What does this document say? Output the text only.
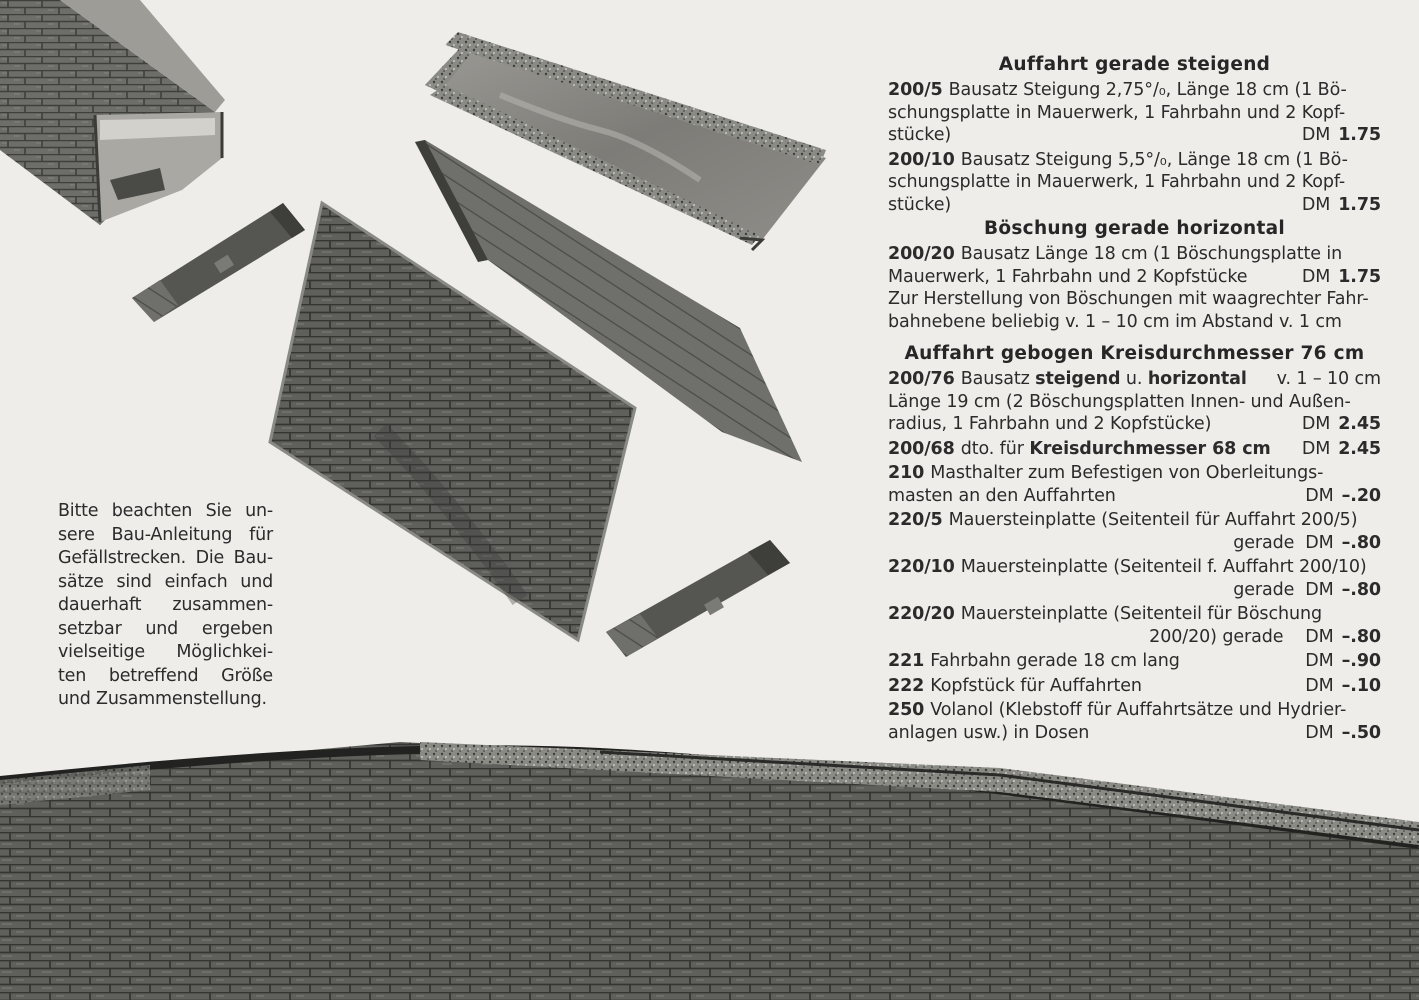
Bitte beachten Sie un-
sere Bau-Anleitung für
Gefällstrecken. Die Bau-
sätze sind einfach und
dauerhaft zusammen-
setzbar und ergeben
vielseitige Möglichkei-
ten betreffend Größe
und Zusammenstellung.
Auffahrt gerade steigend
200/5 Bausatz Steigung 2,75°/₀, Länge 18 cm (1 Bö-
schungsplatte in Mauerwerk, 1 Fahrbahn und 2 Kopf-
stücke)	DM 1.75
200/10 Bausatz Steigung 5,5°/₀, Länge 18 cm (1 Bö-
schungsplatte in Mauerwerk, 1 Fahrbahn und 2 Kopf-
stücke)	DM 1.75
Böschung gerade horizontal
200/20 Bausatz Länge 18 cm (1 Böschungsplatte in
Mauerwerk, 1 Fahrbahn und 2 Kopfstücke	DM 1.75
Zur Herstellung von Böschungen mit waagrechter Fahr-
bahnebene beliebig v. 1 – 10 cm im Abstand v. 1 cm
Auffahrt gebogen Kreisdurchmesser 76 cm
200/76 Bausatz steigend u. horizontal v. 1 – 10 cm
Länge 19 cm (2 Böschungsplatten Innen- und Außen-
radius, 1 Fahrbahn und 2 Kopfstücke)	DM 2.45
200/68 dto. für Kreisdurchmesser 68 cm DM 2.45
210 Masthalter zum Befestigen von Oberleitungs-
masten an den Auffahrten	DM –.20
220/5 Mauersteinplatte (Seitenteil für Auffahrt 200/5)
gerade DM –.80
220/10 Mauersteinplatte (Seitenteil f. Auffahrt 200/10)
gerade DM –.80
220/20 Mauersteinplatte (Seitenteil für Böschung
200/20) gerade DM –.80
221 Fahrbahn gerade 18 cm lang	DM –.90
222 Kopfstück für Auffahrten	DM –.10
250 Volanol (Klebstoff für Auffahrtsätze und Hydrier-
anlagen usw.) in Dosen	DM –.50
